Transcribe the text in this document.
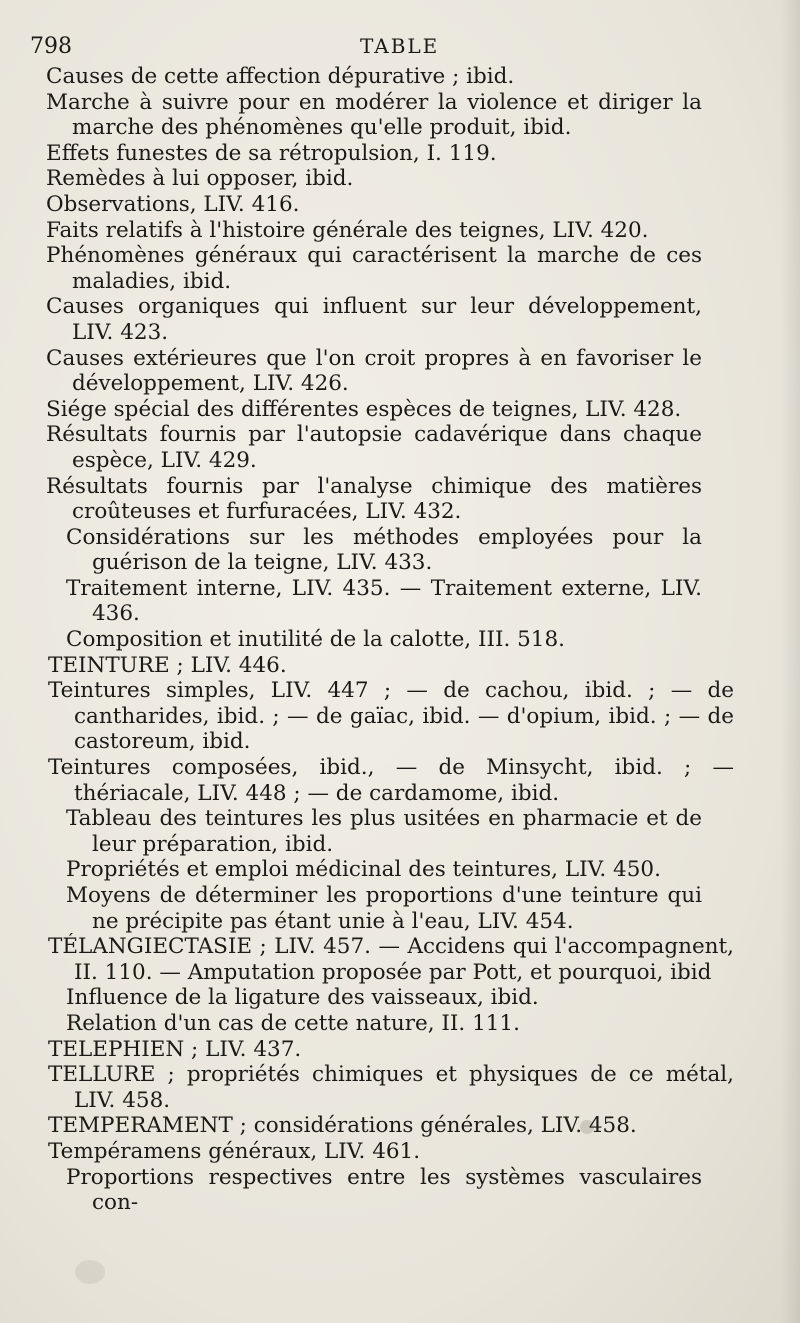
798	TABLE
Causes de cette affection dépurative ; ibid.
Marche à suivre pour en modérer la violence et diriger la marche des phénomènes qu'elle produit, ibid.
Effets funestes de sa rétropulsion, I. 119.
Remèdes à lui opposer, ibid.
Observations, LIV. 416.
Faits relatifs à l'histoire générale des teignes, LIV. 420.
Phénomènes généraux qui caractérisent la marche de ces maladies, ibid.
Causes organiques qui influent sur leur développement, LIV. 423.
Causes extérieures que l'on croit propres à en favoriser le développement, LIV. 426.
Siége spécial des différentes espèces de teignes, LIV. 428.
Résultats fournis par l'autopsie cadavérique dans chaque espèce, LIV. 429.
Résultats fournis par l'analyse chimique des matières croûteuses et furfuracées, LIV. 432.
Considérations sur les méthodes employées pour la guérison de la teigne, LIV. 433.
Traitement interne, LIV. 435. — Traitement externe, LIV. 436.
Composition et inutilité de la calotte, III. 518.
TEINTURE ; LIV. 446.
Teintures simples, LIV. 447 ; — de cachou, ibid. ; — de cantharides, ibid. ; — de gaïac, ibid. — d'opium, ibid. ; — de castoreum, ibid.
Teintures composées, ibid., — de Minsycht, ibid. ; — thériacale, LIV. 448 ; — de cardamome, ibid.
Tableau des teintures les plus usitées en pharmacie et de leur préparation, ibid.
Propriétés et emploi médicinal des teintures, LIV. 450.
Moyens de déterminer les proportions d'une teinture qui ne précipite pas étant unie à l'eau, LIV. 454.
TÉLANGIECTASIE ; LIV. 457. — Accidens qui l'accompagnent, II. 110. — Amputation proposée par Pott, et pourquoi, ibid
Influence de la ligature des vaisseaux, ibid.
Relation d'un cas de cette nature, II. 111.
TELEPHIEN ; LIV. 437.
TELLURE ; propriétés chimiques et physiques de ce métal, LIV. 458.
TEMPERAMENT ; considérations générales, LIV. 458.
Tempéramens généraux, LIV. 461.
Proportions respectives entre les systèmes vasculaires con-
